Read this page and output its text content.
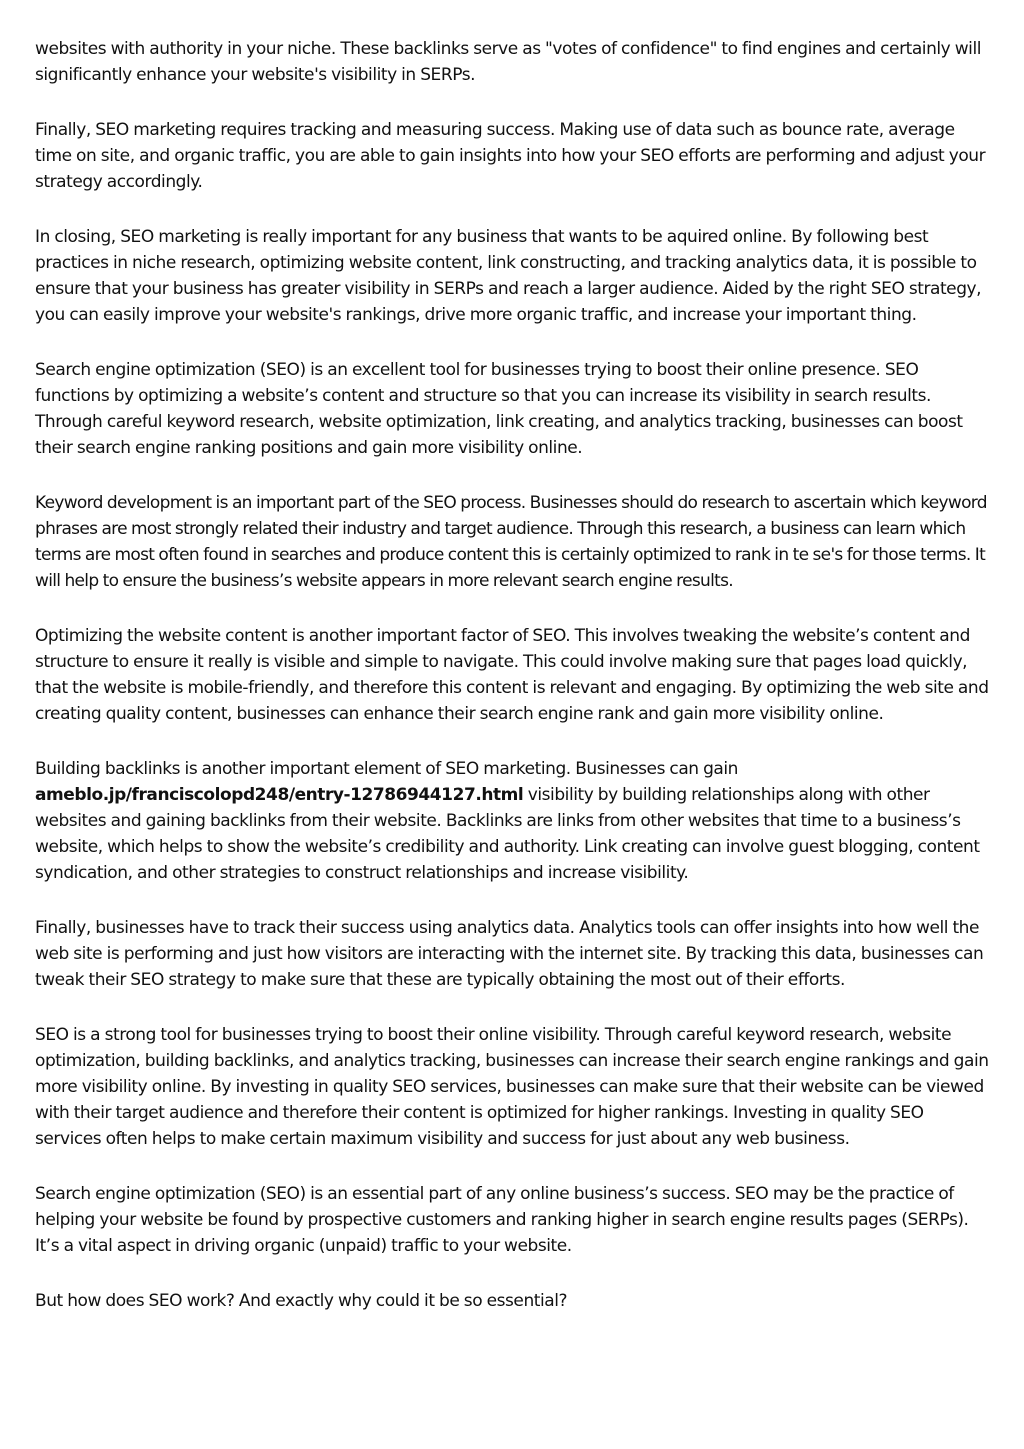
websites with authority in your niche. These backlinks serve as "votes of confidence" to find engines and certainly will significantly enhance your website's visibility in SERPs.

Finally, SEO marketing requires tracking and measuring success. Making use of data such as bounce rate, average time on site, and organic traffic, you are able to gain insights into how your SEO efforts are performing and adjust your strategy accordingly.

In closing, SEO marketing is really important for any business that wants to be aquired online. By following best practices in niche research, optimizing website content, link constructing, and tracking analytics data, it is possible to ensure that your business has greater visibility in SERPs and reach a larger audience. Aided by the right SEO strategy, you can easily improve your website's rankings, drive more organic traffic, and increase your important thing.

Search engine optimization (SEO) is an excellent tool for businesses trying to boost their online presence. SEO functions by optimizing a website’s content and structure so that you can increase its visibility in search results. Through careful keyword research, website optimization, link creating, and analytics tracking, businesses can boost their search engine ranking positions and gain more visibility online.

Keyword development is an important part of the SEO process. Businesses should do research to ascertain which keyword phrases are most strongly related their industry and target audience. Through this research, a business can learn which terms are most often found in searches and produce content this is certainly optimized to rank in te se's for those terms. It will help to ensure the business’s website appears in more relevant search engine results.

Optimizing the website content is another important factor of SEO. This involves tweaking the website’s content and structure to ensure it really is visible and simple to navigate. This could involve making sure that pages load quickly, that the website is mobile-friendly, and therefore this content is relevant and engaging. By optimizing the web site and creating quality content, businesses can enhance their search engine rank and gain more visibility online.

Building backlinks is another important element of SEO marketing. Businesses can gain ameblo.jp/franciscolopd248/entry-12786944127.html visibility by building relationships along with other websites and gaining backlinks from their website. Backlinks are links from other websites that time to a business’s website, which helps to show the website’s credibility and authority. Link creating can involve guest blogging, content syndication, and other strategies to construct relationships and increase visibility.

Finally, businesses have to track their success using analytics data. Analytics tools can offer insights into how well the web site is performing and just how visitors are interacting with the internet site. By tracking this data, businesses can tweak their SEO strategy to make sure that these are typically obtaining the most out of their efforts.

SEO is a strong tool for businesses trying to boost their online visibility. Through careful keyword research, website optimization, building backlinks, and analytics tracking, businesses can increase their search engine rankings and gain more visibility online. By investing in quality SEO services, businesses can make sure that their website can be viewed with their target audience and therefore their content is optimized for higher rankings. Investing in quality SEO services often helps to make certain maximum visibility and success for just about any web business.

Search engine optimization (SEO) is an essential part of any online business’s success. SEO may be the practice of helping your website be found by prospective customers and ranking higher in search engine results pages (SERPs). It’s a vital aspect in driving organic (unpaid) traffic to your website.

But how does SEO work? And exactly why could it be so essential?
